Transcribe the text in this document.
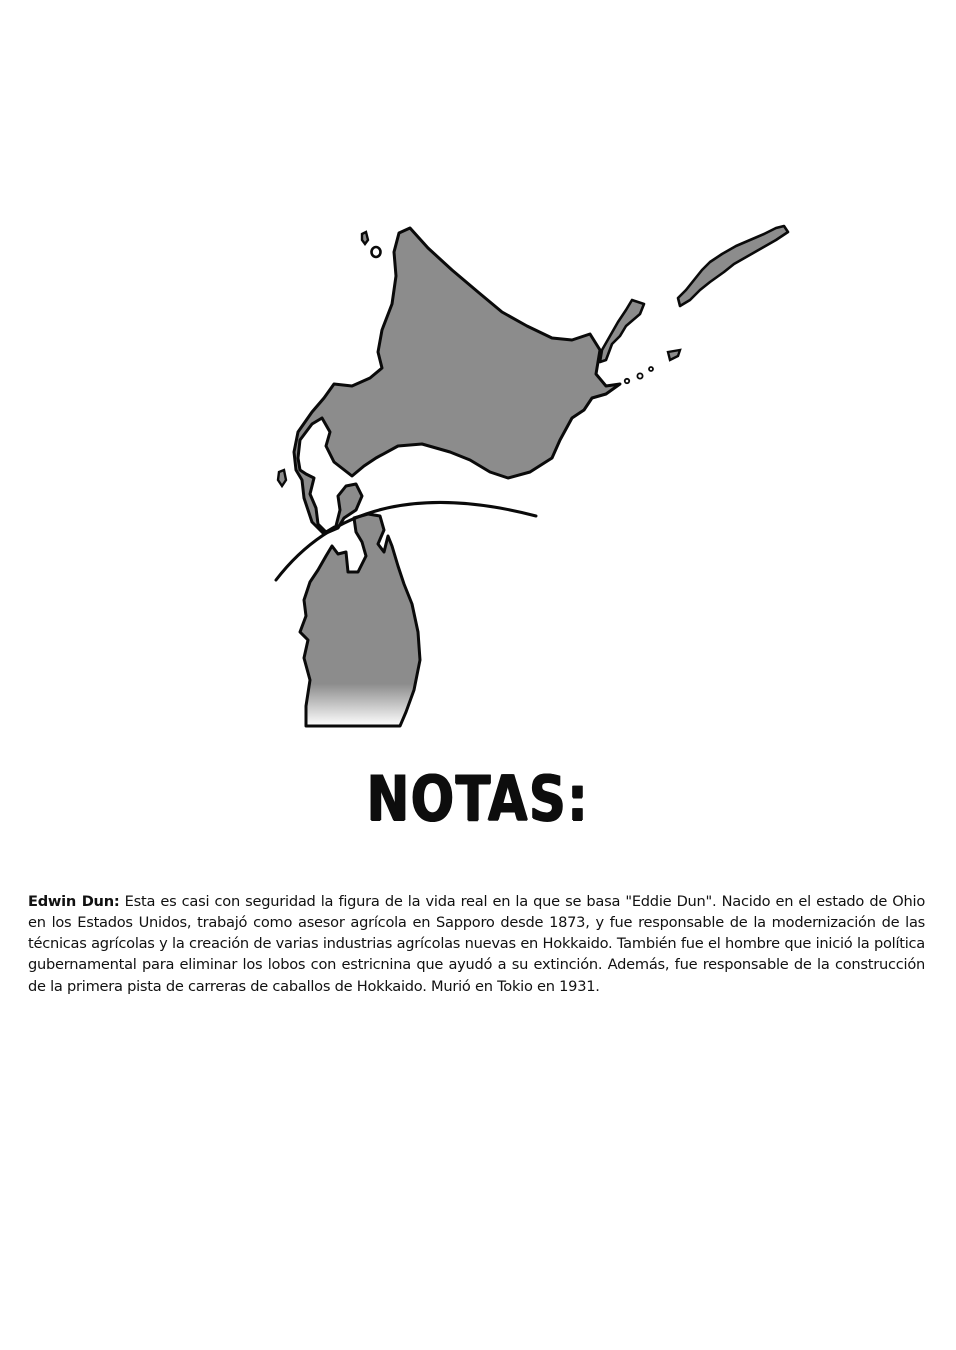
NOTAS:

Edwin Dun: Esta es casi con seguridad la figura de la vida real en la que se basa "Eddie Dun". Nacido en el estado de Ohio en los Estados Unidos, trabajó como asesor agrícola en Sapporo desde 1873, y fue responsable de la modernización de las técnicas agrícolas y la creación de varias industrias agrícolas nuevas en Hokkaido. También fue el hombre que inició la política gubernamental para eliminar los lobos con estricnina que ayudó a su extinción. Además, fue responsable de la construcción de la primera pista de carreras de caballos de Hokkaido. Murió en Tokio en 1931.
